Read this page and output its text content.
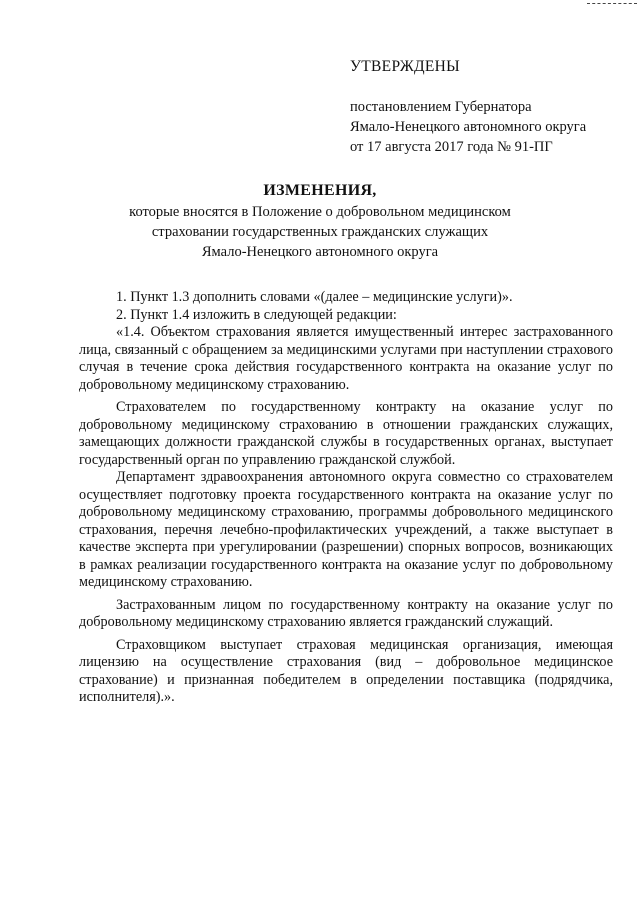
УТВЕРЖДЕНЫ
постановлением Губернатора
Ямало-Ненецкого автономного округа
от 17 августа 2017 года № 91-ПГ
ИЗМЕНЕНИЯ,
которые вносятся в Положение о добровольном медицинском
страховании государственных гражданских служащих
Ямало-Ненецкого автономного округа

1. Пункт 1.3 дополнить словами «(далее – медицинские услуги)».

2. Пункт 1.4 изложить в следующей редакции:

«1.4. Объектом страхования является имущественный интерес застрахованного лица, связанный с обращением за медицинскими услугами при наступлении страхового случая в течение срока действия государственного контракта на оказание услуг по добровольному медицинскому страхованию.

Страхователем по государственному контракту на оказание услуг по добровольному медицинскому страхованию в отношении гражданских служащих, замещающих должности гражданской службы в государственных органах, выступает государственный орган по управлению гражданской службой.

Департамент здравоохранения автономного округа совместно со страхователем осуществляет подготовку проекта государственного контракта на оказание услуг по добровольному медицинскому страхованию, программы добровольного медицинского страхования, перечня лечебно-профилактических учреждений, а также выступает в качестве эксперта при урегулировании (разрешении) спорных вопросов, возникающих в рамках реализации государственного контракта на оказание услуг по добровольному медицинскому страхованию.

Застрахованным лицом по государственному контракту на оказание услуг по добровольному медицинскому страхованию является гражданский служащий.

Страховщиком выступает страховая медицинская организация, имеющая лицензию на осуществление страхования (вид – добровольное медицинское страхование) и признанная победителем в определении поставщика (подрядчика, исполнителя).».
